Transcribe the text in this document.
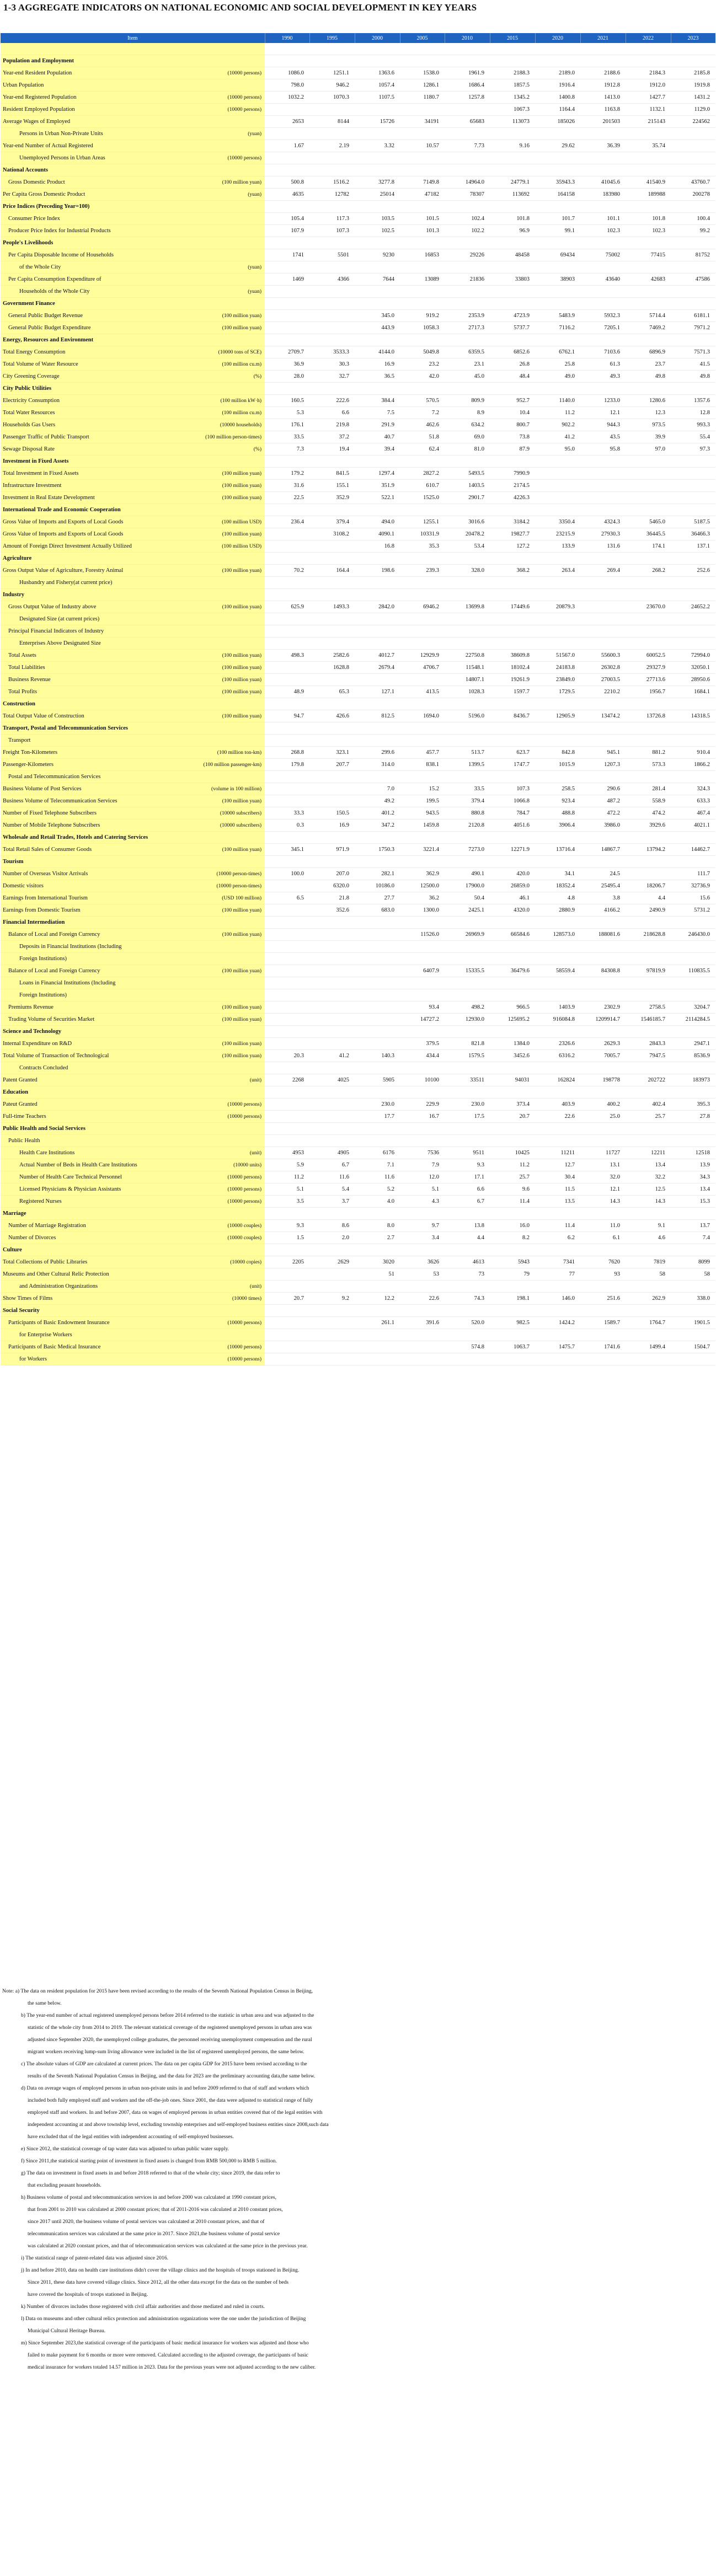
1-3 AGGREGATE INDICATORS ON NATIONAL ECONOMIC AND SOCIAL DEVELOPMENT IN KEY YEARS
Item		1990	1995	2000	2005	2010	2015	2020	2021	2022	2023

Population and Employment											
Year-end Resident Population	(10000 persons)	1086.0	1251.1	1363.6	1538.0	1961.9	2188.3	2189.0	2188.6	2184.3	2185.8
Urban Population		798.0	946.2	1057.4	1286.1	1686.4	1857.5	1916.4	1912.8	1912.0	1919.8
Year-end Registered Population	(10000 persons)	1032.2	1070.3	1107.5	1180.7	1257.8	1345.2	1400.8	1413.0	1427.7	1431.2
Resident Employed Population	(10000 persons)						1067.3	1164.4	1163.8	1132.1	1129.0
Average Wages of Employed		2653	8144	15726	34191	65683	113073	185026	201503	215143	224562
Persons in Urban Non-Private Units	(yuan)										
Year-end Number of Actual Registered		1.67	2.19	3.32	10.57	7.73	9.16	29.62	36.39	35.74	
Unemployed Persons in Urban Areas	(10000 persons)										
National Accounts											
Gross Domestic Product	(100 million yuan)	500.8	1516.2	3277.8	7149.8	14964.0	24779.1	35943.3	41045.6	41540.9	43760.7
Per Capita Gross Domestic Product	(yuan)	4635	12782	25014	47182	78307	113692	164158	183980	189988	200278
Price Indices (Preceding Year=100)											
Consumer Price Index		105.4	117.3	103.5	101.5	102.4	101.8	101.7	101.1	101.8	100.4
Producer Price Index for Industrial Products		107.9	107.3	102.5	101.3	102.2	96.9	99.1	102.3	102.3	99.2
People's Livelihoods											
Per Capita Disposable Income of Households		1741	5501	9230	16853	29226	48458	69434	75002	77415	81752
of the Whole City	(yuan)										
Per Capita Consumption Expenditure of		1469	4366	7644	13089	21836	33803	38903	43640	42683	47586
Households of the Whole City	(yuan)										
Government Finance											
General Public Budget Revenue	(100 million yuan)			345.0	919.2	2353.9	4723.9	5483.9	5932.3	5714.4	6181.1
General Public Budget Expenditure	(100 million yuan)			443.9	1058.3	2717.3	5737.7	7116.2	7205.1	7469.2	7971.2
Energy, Resources and Environment											
Total Energy Consumption	(10000 tons of SCE)	2709.7	3533.3	4144.0	5049.8	6359.5	6852.6	6762.1	7103.6	6896.9	7571.3
Total Volume of Water Resource	(100 million cu.m)	36.9	30.3	16.9	23.2	23.1	26.8	25.8	61.3	23.7	41.5
City Greening Coverage	(%)	28.0	32.7	36.5	42.0	45.0	48.4	49.0	49.3	49.8	49.8
City Public Utilities											
Electricity Consumption	(100 million kW·h)	160.5	222.6	384.4	570.5	809.9	952.7	1140.0	1233.0	1280.6	1357.6
Total Water Resources	(100 million cu.m)	5.3	6.6	7.5	7.2	8.9	10.4	11.2	12.1	12.3	12.8
Households Gas Users	(10000 households)	176.1	219.8	291.9	462.6	634.2	800.7	902.2	944.3	973.5	993.3
Passenger Traffic of Public Transport	(100 million person-times)	33.5	37.2	40.7	51.8	69.0	73.8	41.2	43.5	39.9	55.4
Sewage Disposal Rate	(%)	7.3	19.4	39.4	62.4	81.0	87.9	95.0	95.8	97.0	97.3
Investment in Fixed Assets											
Total Investment in Fixed Assets	(100 million yuan)	179.2	841.5	1297.4	2827.2	5493.5	7990.9				
Infrastructure Investment	(100 million yuan)	31.6	155.1	351.9	610.7	1403.5	2174.5				
Investment in Real Estate Development	(100 million yuan)	22.5	352.9	522.1	1525.0	2901.7	4226.3				
International Trade and Economic Cooperation											
Gross Value of Imports and Exports of Local Goods	(100 million USD)	236.4	379.4	494.0	1255.1	3016.6	3184.2	3350.4	4324.3	5465.0	5187.5
Gross Value of Imports and Exports of Local Goods	(100 million yuan)		3108.2	4090.1	10331.9	20478.2	19827.7	23215.9	27930.3	36445.5	36466.3
Amount of Foreign Direct Investment Actually Utilized	(100 million USD)			16.8	35.3	53.4	127.2	133.9	131.6	174.1	137.1
Agriculture											
Gross Output Value of Agriculture, Forestry Animal	(100 million yuan)	70.2	164.4	198.6	239.3	328.0	368.2	263.4	269.4	268.2	252.6
Husbandry and Fishery(at current price)											
Industry											
Gross Output Value of Industry above	(100 million yuan)	625.9	1493.3	2842.0	6946.2	13699.8	17449.6	20879.3		23670.0	24652.2
Designated Size (at current prices)											
Principal Financial Indicators of Industry											
Enterprises Above Designated Size											
Total Assets	(100 million yuan)	498.3	2582.6	4012.7	12929.9	22750.8	38609.8	51567.0	55600.3	60052.5	72994.0
Total Liabilities	(100 million yuan)		1628.8	2679.4	4706.7	11548.1	18102.4	24183.8	26302.8	29327.9	32050.1
Business Revenue	(100 million yuan)					14807.1	19261.9	23849.0	27003.5	27713.6	28950.6
Total Profits	(100 million yuan)	48.9	65.3	127.1	413.5	1028.3	1597.7	1729.5	2210.2	1956.7	1684.1
Construction											
Total Output Value of Construction	(100 million yuan)	94.7	426.6	812.5	1694.0	5196.0	8436.7	12905.9	13474.2	13726.8	14318.5
Transport, Postal and Telecommunication Services											
Transport											
Freight Ton-Kilometers	(100 million ton-km)	268.8	323.1	299.6	457.7	513.7	623.7	842.8	945.1	881.2	910.4
Passenger-Kilometers	(100 million passenger-km)	179.8	207.7	314.0	838.1	1399.5	1747.7	1015.9	1207.3	573.3	1866.2
Postal and Telecommunication Services											
Business Volume of Post Services	(volume in 100 million)			7.0	15.2	33.5	107.3	258.5	290.6	281.4	324.3
Business Volume of Telecommunication Services	(100 million yuan)			49.2	199.5	379.4	1066.8	923.4	487.2	558.9	633.3
Number of Fixed Telephone Subscribers	(10000 subscribers)	33.3	150.5	401.2	943.5	880.8	784.7	488.8	472.2	474.2	467.4
Number of Mobile Telephone Subscribers	(10000 subscribers)	0.3	16.9	347.2	1459.8	2120.8	4051.6	3906.4	3986.0	3929.6	4021.1
Wholesale and Retail Trades, Hotels and Catering Services											
Total Retail Sales of Consumer Goods	(100 million yuan)	345.1	971.9	1750.3	3221.4	7273.0	12271.9	13716.4	14867.7	13794.2	14462.7
Tourism											
Number of Overseas Visitor Arrivals	(10000 person-times)	100.0	207.0	282.1	362.9	490.1	420.0	34.1	24.5		111.7
Domestic visitors	(10000 person-times)		6320.0	10186.0	12500.0	17900.0	26859.0	18352.4	25495.4	18206.7	32736.9
Earnings from International Tourism	(USD 100 million)	6.5	21.8	27.7	36.2	50.4	46.1	4.8	3.8	4.4	15.6
Earnings from Domestic Tourism	(100 million yuan)		352.6	683.0	1300.0	2425.1	4320.0	2880.9	4166.2	2490.9	5731.2
Financial Intermediation											
Balance of Local and Foreign Currency	(100 million yuan)				11526.0	26969.9	66584.6	128573.0	188081.6	218628.8	246430.0
Deposits in Financial Institutions (Including											
Foreign Institutions)											
Balance of Local and Foreign Currency	(100 million yuan)				6407.9	15335.5	36479.6	58559.4	84308.8	97819.9	110835.5
Loans in Financial Institutions (Including											
Foreign Institutions)											
Premiums Revenue	(100 million yuan)				93.4	498.2	966.5	1403.9	2302.9	2758.5	3204.7
Trading Volume of Securities Market	(100 million yuan)				14727.2	12930.0	125695.2	916084.8	1209914.7	1546185.7	2114284.5
Science and Technology											
Internal Expenditure on R&D	(100 million yuan)				379.5	821.8	1384.0	2326.6	2629.3	2843.3	2947.1
Total Volume of Transaction of Technological	(100 million yuan)	20.3	41.2	140.3	434.4	1579.5	3452.6	6316.2	7005.7	7947.5	8536.9
Contracts Concluded											
Patent Granted	(unit)	2268	4025	5905	10100	33511	94031	162824	198778	202722	183973
Education											
Pateut Granted	(10000 persons)			230.0	229.9	230.0	373.4	403.9	400.2	402.4	395.3
Full-time Teachers	(10000 persons)			17.7	16.7	17.5	20.7	22.6	25.0	25.7	27.8
Public Health and Social Services											
Public Health											
Health Care Institutions	(unit)	4953	4905	6176	7536	9511	10425	11211	11727	12211	12518
Actual Number of Beds in Health Care Institutions	(10000 units)	5.9	6.7	7.1	7.9	9.3	11.2	12.7	13.1	13.4	13.9
Number of Health Care Technical Personnel	(10000 persons)	11.2	11.6	11.6	12.0	17.1	25.7	30.4	32.0	32.2	34.3
Licensed Physicians & Physician Assistants	(10000 persons)	5.1	5.4	5.2	5.1	6.6	9.6	11.5	12.1	12.5	13.4
Registered Nurses	(10000 persons)	3.5	3.7	4.0	4.3	6.7	11.4	13.5	14.3	14.3	15.3
Marriage											
Number of Marriage Registration	(10000 couples)	9.3	8.6	8.0	9.7	13.8	16.0	11.4	11.0	9.1	13.7
Number of Divorces	(10000 couples)	1.5	2.0	2.7	3.4	4.4	8.2	6.2	6.1	4.6	7.4
Culture											
Total Collections of Public Libraries	(10000 copies)	2205	2629	3020	3626	4613	5943	7341	7620	7819	8099
Museums and Other Cultural Relic Protection				51	53	73	79	77	93	58	58
and Administration Organizations	(unit)										
Show Times of Films	(10000 times)	20.7	9.2	12.2	22.6	74.3	198.1	146.0	251.6	262.9	338.0
Social Security											
Participants of Basic Endowment Insurance	(10000 persons)			261.1	391.6	520.0	982.5	1424.2	1589.7	1764.7	1901.5
for Enterprise Workers											
Participants of Basic Medical Insurance	(10000 persons)					574.8	1063.7	1475.7	1741.6	1499.4	1504.7
for Workers	(10000 persons)										
Note: a) The data on resident population for 2015 have been revised according to the results of the Seventh National Population Census in Beijing,
the same below.
b) The year-end number of actual registered unemployed persons before 2014 referred to the statistic in urban area and was adjusted to the
statistic of the whole city from 2014 to 2019. The relevant statistical coverage of the registered unemployed persons in urban area was
adjusted since September 2020, the unemployed college graduates, the personnel receiving unemployment compensation and the rural
migrant workers receiving lump-sum living allowance were included in the list of registered unemployed persons, the same below.
c) The absolute values of GDP are calculated at current prices. The data on per capita GDP for 2015 have been revised according to the
results of the Seventh National Population Census in Beijing, and the data for 2023 are the preliminary accounting data,the same below.
d) Data on average wages of employed persons in urban non-private units in and before 2009 referred to that of staff and workers which
included both fully employed staff and workers and the off-the-job ones. Since 2001, the data were adjusted to statistical range of fully
employed staff and workers. In and before 2007, data on wages of employed persons in urban entities covered that of the legal entities with
independent accounting at and above township level, excluding township enterprises and self-employed business entities since 2008,such data
have excluded that of the legal entities with independent accounting of self-employed businesses.
e) Since 2012, the statistical coverage of tap water data was adjusted to urban public water supply.
f) Since 2011,the statistical starting point of investment in fixed assets is changed from RMB 500,000 to RMB 5 million.
g) The data on investment in fixed assets in and before 2018 referred to that of the whole city; since 2019, the data refer to
that excluding peasant households.
h) Business volume of postal and telecommunication services in and before 2000 was calculated at 1990 constant prices,
that from 2001 to 2010 was calculated at 2000 constant prices; that of 2011-2016 was calculated at 2010 constant prices,
since 2017 until 2020, the business volume of postal services was calculated at 2010 constant prices, and that of
telecommunication services was calculated at the same price in 2017. Since 2021,the business volume of postal service
was calculated at 2020 constant prices, and that of telecommunication services was calculated at the same price in the previous year.
i) The statistical range of patent-related data was adjusted since 2016.
j) In and before 2010, data on health care institutions didn't cover the village clinics and the hospitals of troops stationed in Beijing.
Since 2011, these data have covered village clinics. Since 2012, all the other data except for the data on the number of beds
have covered the hospitals of troops stationed in Beijing.
k) Number of divorces includes those registered with civil affair authorities and those mediated and ruled in courts.
l) Data on museums and other cultural relics protection and administration organizations were the one under the jurisdiction of Beijing
Municipal Cultural Heritage Bureau.
m) Since September 2023,the statistical coverage of the participants of basic medical insurance for workers was adjusted and those who
failed to make payment for 6 months or more were removed. Calculated according to the adjusted coverage, the participants of basic
medical insurance for workers totaled 14.57 million in 2023. Data for the previous years were not adjusted according to the new caliber.
